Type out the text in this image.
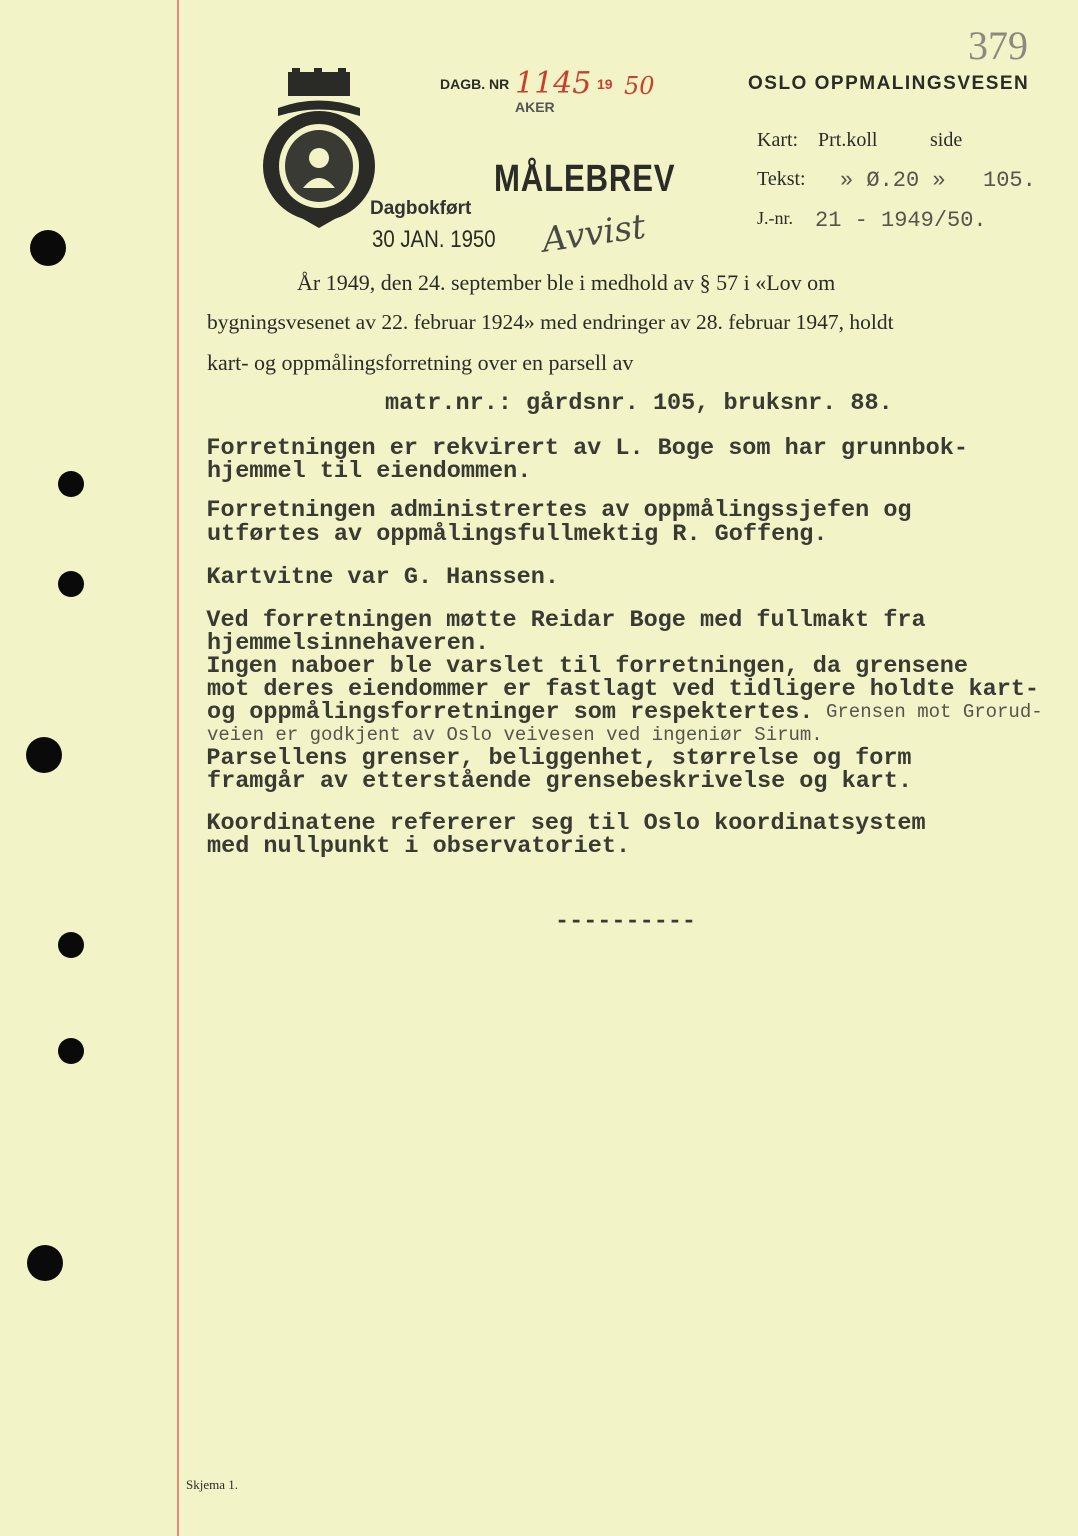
379
DAGB. NR 1145 19 50
AKER
OSLO OPPMALINGSVESEN
MÅLEBREV
Dagbokført
30 JAN. 1950 Avvist
Kart: Prt.koll	side
Tekst: » Ø.20 » 105.
J.-nr. 21 - 1949/50.
År 1949, den 24. september ble i medhold av § 57 i «Lov om
bygningsvesenet av 22. februar 1924» med endringer av 28. februar 1947, holdt
kart- og oppmålingsforretning over en parsell av
matr.nr.: gårdsnr. 105, bruksnr. 88.
Forretningen er rekvirert av L. Boge som har grunnbok-
hjemmel til eiendommen.
Forretningen administrertes av oppmålingssjefen og
utførtes av oppmålingsfullmektig R. Goffeng.
Kartvitne var G. Hanssen.
Ved forretningen møtte Reidar Boge med fullmakt fra
hjemmelsinnehaveren.
Ingen naboer ble varslet til forretningen, da grensene
mot deres eiendommer er fastlagt ved tidligere holdte kart-
og oppmålingsforretninger som respektertes. Grensen mot Grorud-
veien er godkjent av Oslo veivesen ved ingeniør Sirum.
Parsellens grenser, beliggenhet, størrelse og form
framgår av etterstående grensebeskrivelse og kart.
Koordinatene refererer seg til Oslo koordinatsystem
med nullpunkt i observatoriet.
----------
Skjema 1.
